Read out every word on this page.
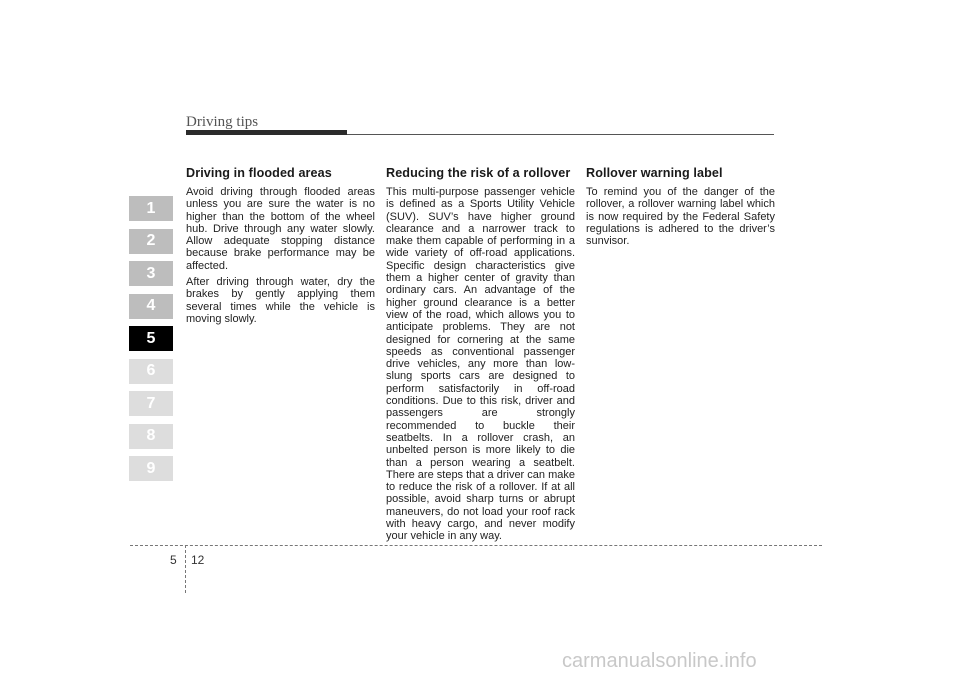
Driving tips
1
2
3
4
5
6
7
8
9
Driving in flooded areas

Avoid driving through flooded areas unless you are sure the water is no higher than the bottom of the wheel hub. Drive through any water slowly. Allow adequate stopping distance because brake performance may be affected.

After driving through water, dry the brakes by gently applying them several times while the vehicle is moving slowly.

Reducing the risk of a rollover

This multi-purpose passenger vehicle is defined as a Sports Utility Vehicle (SUV). SUV’s have higher ground clearance and a narrower track to make them capable of performing in a wide variety of off-road applications. Specific design characteristics give them a higher center of gravity than ordinary cars. An advantage of the higher ground clearance is a better view of the road, which allows you to anticipate problems. They are not designed for cornering at the same speeds as conventional passenger drive vehicles, any more than low-slung sports cars are designed to perform satisfactorily in off-road conditions. Due to this risk, driver and passengers are strongly recommended to buckle their seatbelts. In a rollover crash, an unbelted person is more likely to die than a person wearing a seatbelt. There are steps that a driver can make to reduce the risk of a rollover. If at all possible, avoid sharp turns or abrupt maneuvers, do not load your roof rack with heavy cargo, and never modify your vehicle in any way.

Rollover warning label

To remind you of the danger of the rollover, a rollover warning label which is now required by the Federal Safety regulations is adhered to the driver’s sunvisor.

5 12
carmanualsonline.info
